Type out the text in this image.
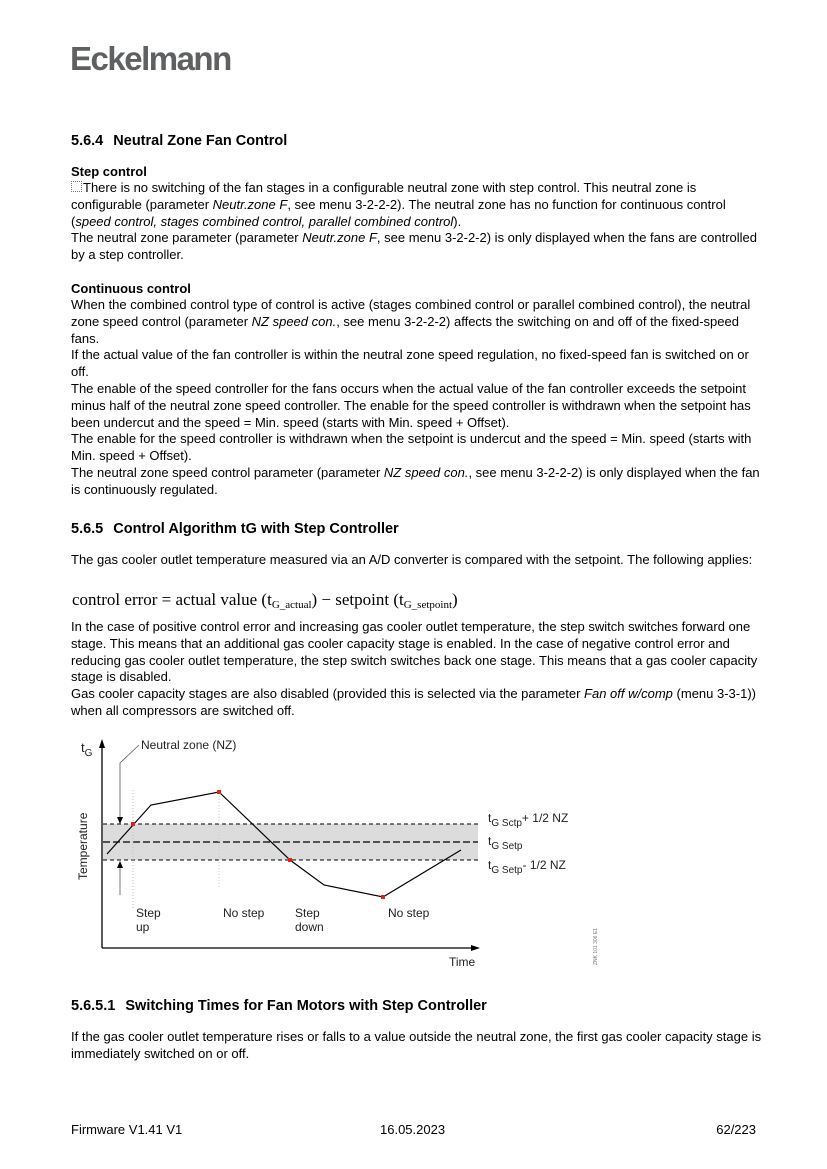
Eckelmann
5.6.4 Neutral Zone Fan Control
Step control
There is no switching of the fan stages in a configurable neutral zone with step control. This neutral zone is configurable (parameter Neutr.zone F, see menu 3-2-2-2). The neutral zone has no function for continuous control (speed control, stages combined control, parallel combined control).
The neutral zone parameter (parameter Neutr.zone F, see menu 3-2-2-2) is only displayed when the fans are controlled by a step controller.
Continuous control
When the combined control type of control is active (stages combined control or parallel combined control), the neutral zone speed control (parameter NZ speed con., see menu 3-2-2-2) affects the switching on and off of the fixed-speed fans.
If the actual value of the fan controller is within the neutral zone speed regulation, no fixed-speed fan is switched on or off.
The enable of the speed controller for the fans occurs when the actual value of the fan controller exceeds the setpoint minus half of the neutral zone speed controller. The enable for the speed controller is withdrawn when the setpoint has been undercut and the speed = Min. speed (starts with Min. speed + Offset).
The enable for the speed controller is withdrawn when the setpoint is undercut and the speed = Min. speed (starts with Min. speed + Offset).
The neutral zone speed control parameter (parameter NZ speed con., see menu 3-2-2-2) is only displayed when the fan is continuously regulated.
5.6.5 Control Algorithm tG with Step Controller
The gas cooler outlet temperature measured via an A/D converter is compared with the setpoint. The following applies:
control error = actual value $(t_{G\_actual})$ − setpoint $(t_{G\_setpoint})$
In the case of positive control error and increasing gas cooler outlet temperature, the step switch switches forward one stage. This means that an additional gas cooler capacity stage is enabled. In the case of negative control error and reducing gas cooler outlet temperature, the step switch switches back one stage. This means that a gas cooler capacity stage is disabled.
Gas cooler capacity stages are also disabled (provided this is selected via the parameter Fan off w/comp (menu 3-3-1)) when all compressors are switched off.
$t_G$
Neutral zone (NZ)
Temperature
Time
$t_{G Sctp}+ 1/2$ NZ
$t_{G Setp}$
$t_{G Setp}-$ 1/2 NZ
Step
up
No step	Step
down
No step
ZNK 101 306 E1
5.6.5.1 Switching Times for Fan Motors with Step Controller
If the gas cooler outlet temperature rises or falls to a value outside the neutral zone, the first gas cooler capacity stage is immediately switched on or off.
Firmware V1.41 V1	16.05.2023	62/223
